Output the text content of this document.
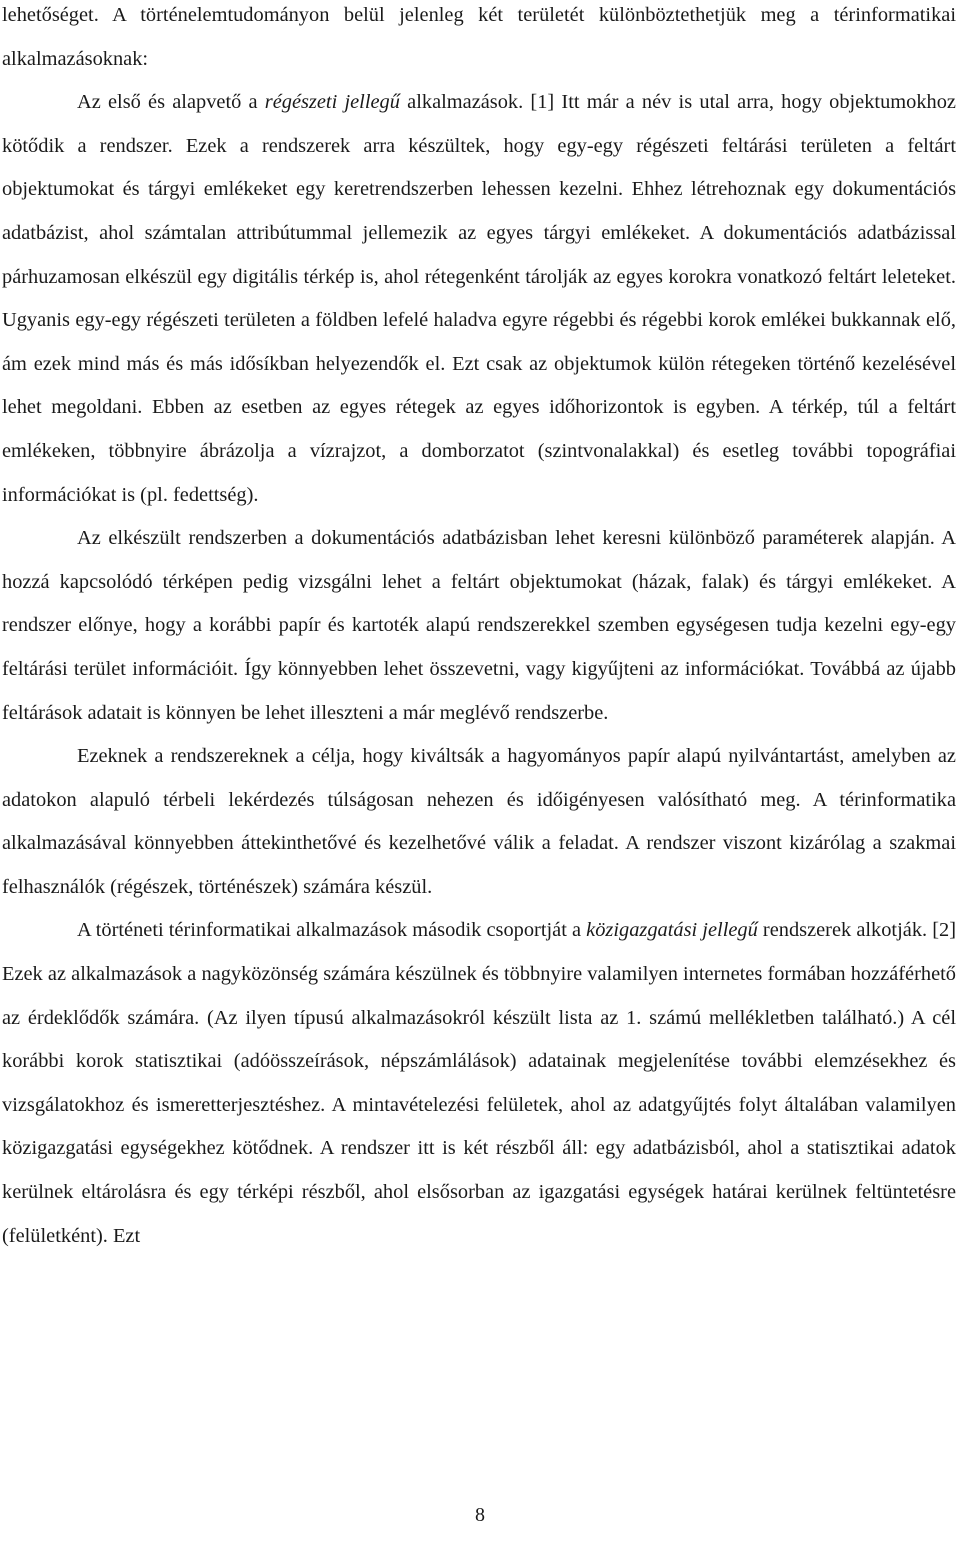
lehetőséget. A történelemtudományon belül jelenleg két területét különböztethetjük meg a térinformatikai alkalmazásoknak:

Az első és alapvető a régészeti jellegű alkalmazások. [1] Itt már a név is utal arra, hogy objektumokhoz kötődik a rendszer. Ezek a rendszerek arra készültek, hogy egy-egy régészeti feltárási területen a feltárt objektumokat és tárgyi emlékeket egy keretrendszerben lehessen kezelni. Ehhez létrehoznak egy dokumentációs adatbázist, ahol számtalan attribútummal jellemezik az egyes tárgyi emlékeket. A dokumentációs adatbázissal párhuzamosan elkészül egy digitális térkép is, ahol rétegenként tárolják az egyes korokra vonatkozó feltárt leleteket. Ugyanis egy-egy régészeti területen a földben lefelé haladva egyre régebbi és régebbi korok emlékei bukkannak elő, ám ezek mind más és más idősíkban helyezendők el. Ezt csak az objektumok külön rétegeken történő kezelésével lehet megoldani. Ebben az esetben az egyes rétegek az egyes időhorizontok is egyben. A térkép, túl a feltárt emlékeken, többnyire ábrázolja a vízrajzot, a domborzatot (szintvonalakkal) és esetleg további topográfiai információkat is (pl. fedettség).

Az elkészült rendszerben a dokumentációs adatbázisban lehet keresni különböző paraméterek alapján. A hozzá kapcsolódó térképen pedig vizsgálni lehet a feltárt objektumokat (házak, falak) és tárgyi emlékeket. A rendszer előnye, hogy a korábbi papír és kartoték alapú rendszerekkel szemben egységesen tudja kezelni egy-egy feltárási terület információit. Így könnyebben lehet összevetni, vagy kigyűjteni az információkat. Továbbá az újabb feltárások adatait is könnyen be lehet illeszteni a már meglévő rendszerbe.

Ezeknek a rendszereknek a célja, hogy kiváltsák a hagyományos papír alapú nyilvántartást, amelyben az adatokon alapuló térbeli lekérdezés túlságosan nehezen és időigényesen valósítható meg. A térinformatika alkalmazásával könnyebben áttekinthetővé és kezelhetővé válik a feladat. A rendszer viszont kizárólag a szakmai felhasználók (régészek, történészek) számára készül.

A történeti térinformatikai alkalmazások második csoportját a közigazgatási jellegű rendszerek alkotják. [2] Ezek az alkalmazások a nagyközönség számára készülnek és többnyire valamilyen internetes formában hozzáférhető az érdeklődők számára. (Az ilyen típusú alkalmazásokról készült lista az 1. számú mellékletben található.) A cél korábbi korok statisztikai (adóösszeírások, népszámlálások) adatainak megjelenítése további elemzésekhez és vizsgálatokhoz és ismeretterjesztéshez. A mintavételezési felületek, ahol az adatgyűjtés folyt általában valamilyen közigazgatási egységekhez kötődnek. A rendszer itt is két részből áll: egy adatbázisból, ahol a statisztikai adatok kerülnek eltárolásra és egy térképi részből, ahol elsősorban az igazgatási egységek határai kerülnek feltüntetésre (felületként). Ezt

8
